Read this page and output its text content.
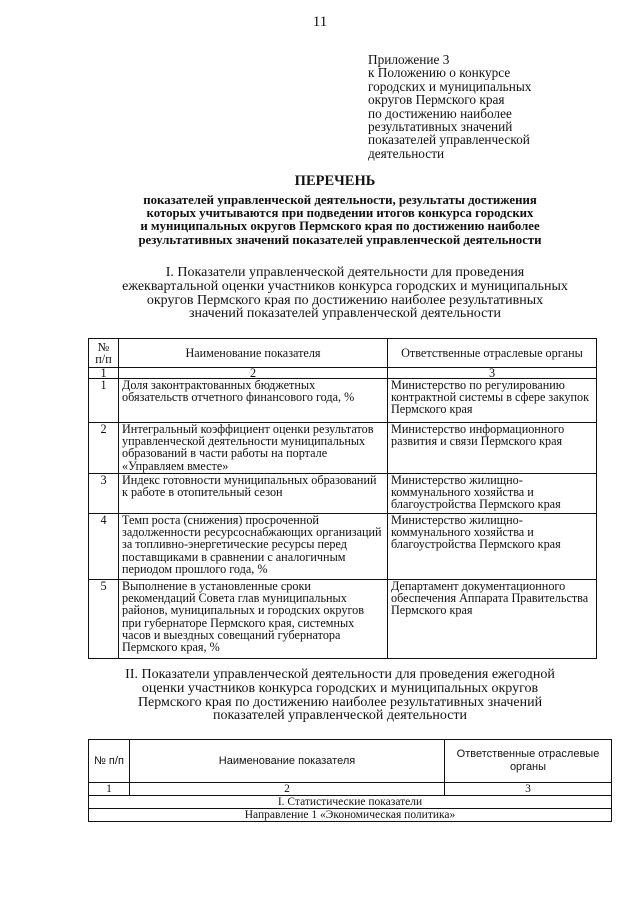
11
Приложение 3
к Положению о конкурсе
городских и муниципальных
округов Пермского края
по достижению наиболее
результативных значений
показателей управленческой
деятельности
ПЕРЕЧЕНЬ
показателей управленческой деятельности, результаты достижения
которых учитываются при подведении итогов конкурса городских
и муниципальных округов Пермского края по достижению наиболее
результативных значений показателей управленческой деятельности
I. Показатели управленческой деятельности для проведения
ежеквартальной оценки участников конкурса городских и муниципальных
округов Пермского края по достижению наиболее результативных
значений показателей управленческой деятельности
№ п/п	Наименование показателя	Ответственные отраслевые органы
1	2	3
1	Доля законтрактованных бюджетных обязательств отчетного финансового года, %	Министерство по регулированию контрактной системы в сфере закупок Пермского края
2	Интегральный коэффициент оценки результатов управленческой деятельности муниципальных образований в части работы на портале «Управляем вместе»	Министерство информационного развития и связи Пермского края
3	Индекс готовности муниципальных образований к работе в отопительный сезон	Министерство жилищно-коммунального хозяйства и благоустройства Пермского края
4	Темп роста (снижения) просроченной задолженности ресурсоснабжающих организаций за топливно-энергетические ресурсы перед поставщиками в сравнении с аналогичным периодом прошлого года, %	Министерство жилищно-коммунального хозяйства и благоустройства Пермского края
5	Выполнение в установленные сроки рекомендаций Совета глав муниципальных районов, муниципальных и городских округов при губернаторе Пермского края, системных часов и выездных совещаний губернатора Пермского края, %	Департамент документационного обеспечения Аппарата Правительства Пермского края
II. Показатели управленческой деятельности для проведения ежегодной
оценки участников конкурса городских и муниципальных округов
Пермского края по достижению наиболее результативных значений
показателей управленческой деятельности
№ п/п	Наименование показателя	Ответственные отраслевые органы
1	2	3
I. Статистические показатели		
Направление 1 «Экономическая политика»		
